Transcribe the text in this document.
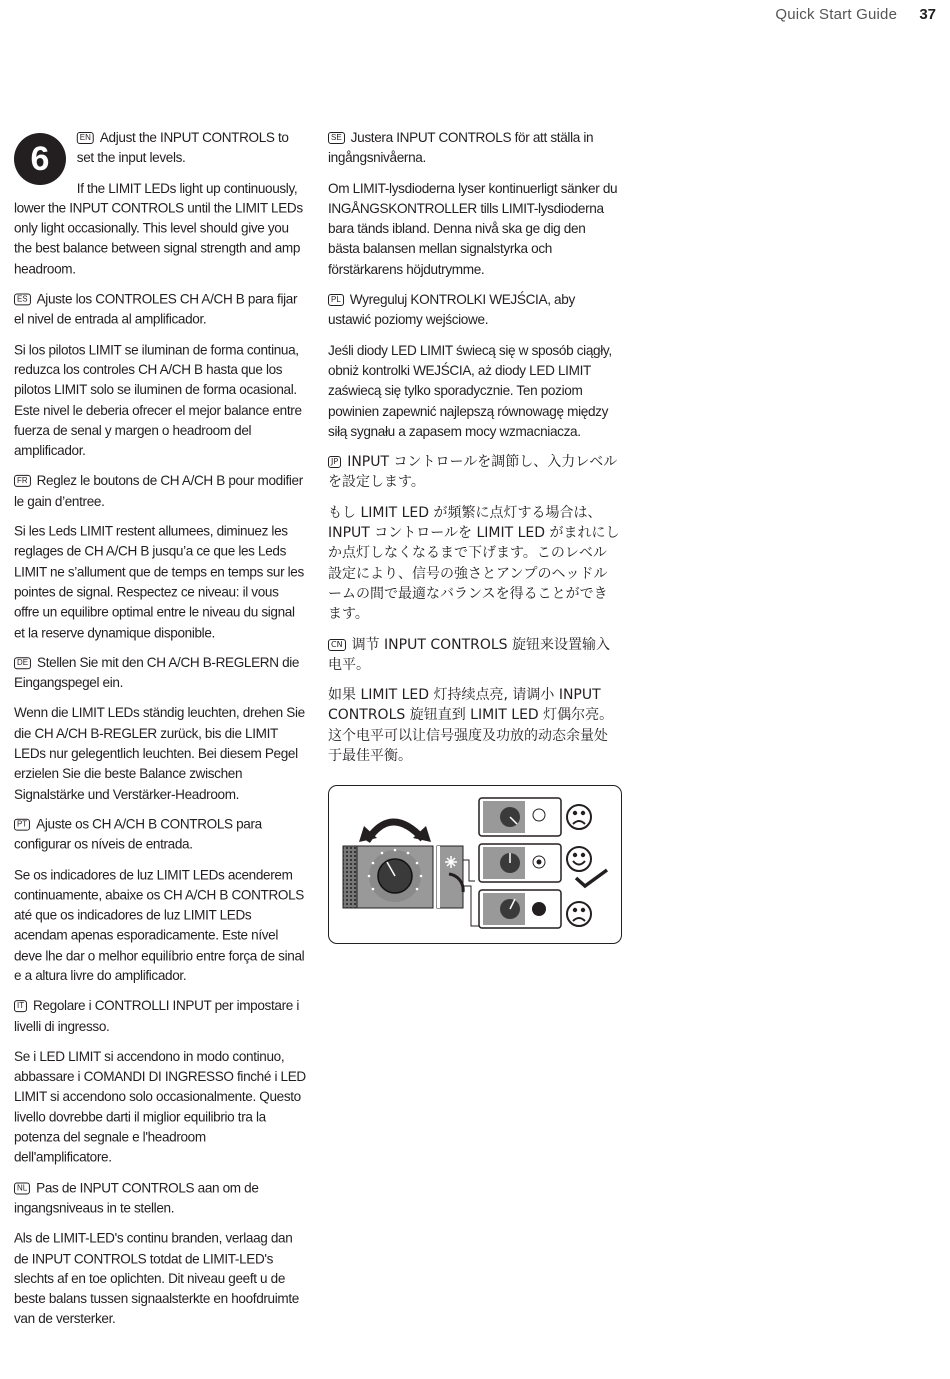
Quick Start Guide 37
6

EN Adjust the INPUT CONTROLS to set the input levels.

If the LIMIT LEDs light up continuously, lower the INPUT CONTROLS until the LIMIT LEDs only light occasionally. This level should give you the best balance between signal strength and amp headroom.

ES Ajuste los CONTROLES CH A/CH B para fijar el nivel de entrada al amplificador.

Si los pilotos LIMIT se iluminan de forma continua, reduzca los controles CH A/CH B hasta que los pilotos LIMIT solo se iluminen de forma ocasional. Este nivel le deberia ofrecer el mejor balance entre fuerza de senal y margen o headroom del amplificador.

FR Reglez le boutons de CH A/CH B pour modifier le gain d’entree.

Si les Leds LIMIT restent allumees, diminuez les reglages de CH A/CH B jusqu’a ce que les Leds LIMIT ne s’allument que de temps en temps sur les pointes de signal. Respectez ce niveau: il vous offre un equilibre optimal entre le niveau du signal et la reserve dynamique disponible.

DE Stellen Sie mit den CH A/CH B-REGLERN die Eingangspegel ein.

Wenn die LIMIT LEDs ständig leuchten, drehen Sie die CH A/CH B-REGLER zurück, bis die LIMIT LEDs nur gelegentlich leuchten. Bei diesem Pegel erzielen Sie die beste Balance zwischen Signalstärke und Verstärker-Headroom.

PT Ajuste os CH A/CH B CONTROLS para configurar os níveis de entrada.

Se os indicadores de luz LIMIT LEDs acenderem continuamente, abaixe os CH A/CH B CONTROLS até que os indicadores de luz LIMIT LEDs acendam apenas esporadicamente. Este nível deve lhe dar o melhor equilíbrio entre força de sinal e a altura livre do amplificador.

IT Regolare i CONTROLLI INPUT per impostare i livelli di ingresso.

Se i LED LIMIT si accendono in modo continuo, abbassare i COMANDI DI INGRESSO finché i LED LIMIT si accendono solo occasionalmente. Questo livello dovrebbe darti il miglior equilibrio tra la potenza del segnale e l'headroom dell'amplificatore.

NL Pas de INPUT CONTROLS aan om de ingangsniveaus in te stellen.

Als de LIMIT-LED's continu branden, verlaag dan de INPUT CONTROLS totdat de LIMIT-LED's slechts af en toe oplichten. Dit niveau geeft u de beste balans tussen signaalsterkte en hoofdruimte van de versterker.

SE Justera INPUT CONTROLS för att ställa in ingångsnivåerna.

Om LIMIT-lysdioderna lyser kontinuerligt sänker du INGÅNGSKONTROLLER tills LIMIT-lysdioderna bara tänds ibland. Denna nivå ska ge dig den bästa balansen mellan signalstyrka och förstärkarens höjdutrymme.

PL Wyreguluj KONTROLKI WEJŚCIA, aby ustawić poziomy wejściowe.

Jeśli diody LED LIMIT świecą się w sposób ciągły, obniż kontrolki WEJŚCIA, aż diody LED LIMIT zaświecą się tylko sporadycznie. Ten poziom powinien zapewnić najlepszą równowagę między siłą sygnału a zapasem mocy wzmacniacza.

JP INPUT コントロールを調節し、入力レベルを設定します。

もし LIMIT LED が頻繁に点灯する場合は、INPUT コントロールを LIMIT LED がまれにしか点灯しなくなるまで下げます。このレベル設定により、信号の強さとアンプのヘッドルームの間で最適なバランスを得ることができます。

CN 调节 INPUT CONTROLS 旋钮来设置输入电平。

如果 LIMIT LED 灯持续点亮, 请调小 INPUT CONTROLS 旋钮直到 LIMIT LED 灯偶尔亮。这个电平可以让信号强度及功放的动态余量处于最佳平衡。
